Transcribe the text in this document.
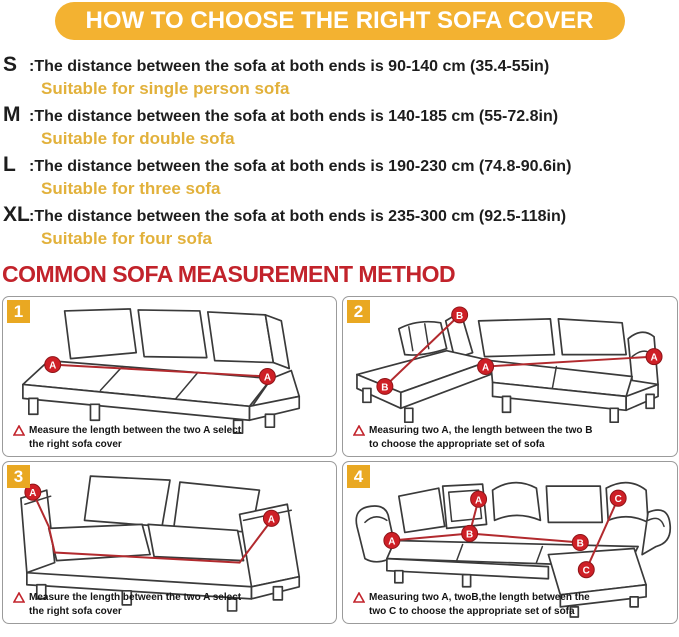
HOW TO CHOOSE THE RIGHT SOFA COVER
S :The distance between the sofa at both ends is 90-140 cm (35.4-55in)
Suitable for single person sofa
M :The distance between the sofa at both ends is 140-185 cm (55-72.8in)
Suitable for double sofa
L :The distance between the sofa at both ends is 190-230 cm (74.8-90.6in)
Suitable for three sofa
XL :The distance between the sofa at both ends is 235-300 cm (92.5-118in)
Suitable for four sofa
COMMON SOFA MEASUREMENT METHOD
1
A
A
Measure the length between the two A select
the right sofa cover
2	B
B
A
A
Measuring two A, the length between the two B
to choose the appropriate set of sofa
3
A
A
Measure the length between the two A select
the right sofa cover
4
A
A
B
B
C
C
Measuring two A, twoB,the length between the
two C to choose the appropriate set of sofa
